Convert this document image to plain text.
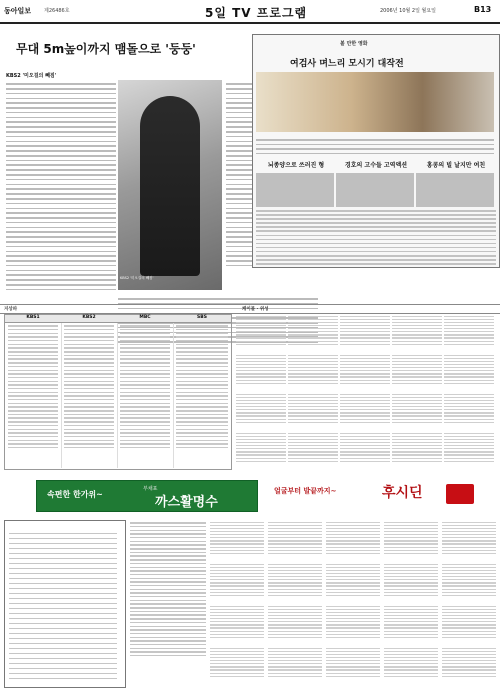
동아일보	제26486호	5일 TV 프로그램	2006년 10월 2일 월요일	B13
무대 5m높이까지 맴돌으로 '둥둥'
KBS2 '미오걸의 빼짐'
KBS2 '미오걸의 빼짐'
볼 만한 영화
여검사 며느리 모시기 대작전
뇌종양으로 쓰러진 형	경호의 고수들 고역액션	홍콩의 빌 날지만 여친
지상파	케이블 · 위성
KBS1	KBS2	MBC	SBS
속편한 한가위~
부채표
까스활명수
얼굴부터 발끝까지~	후시딘
